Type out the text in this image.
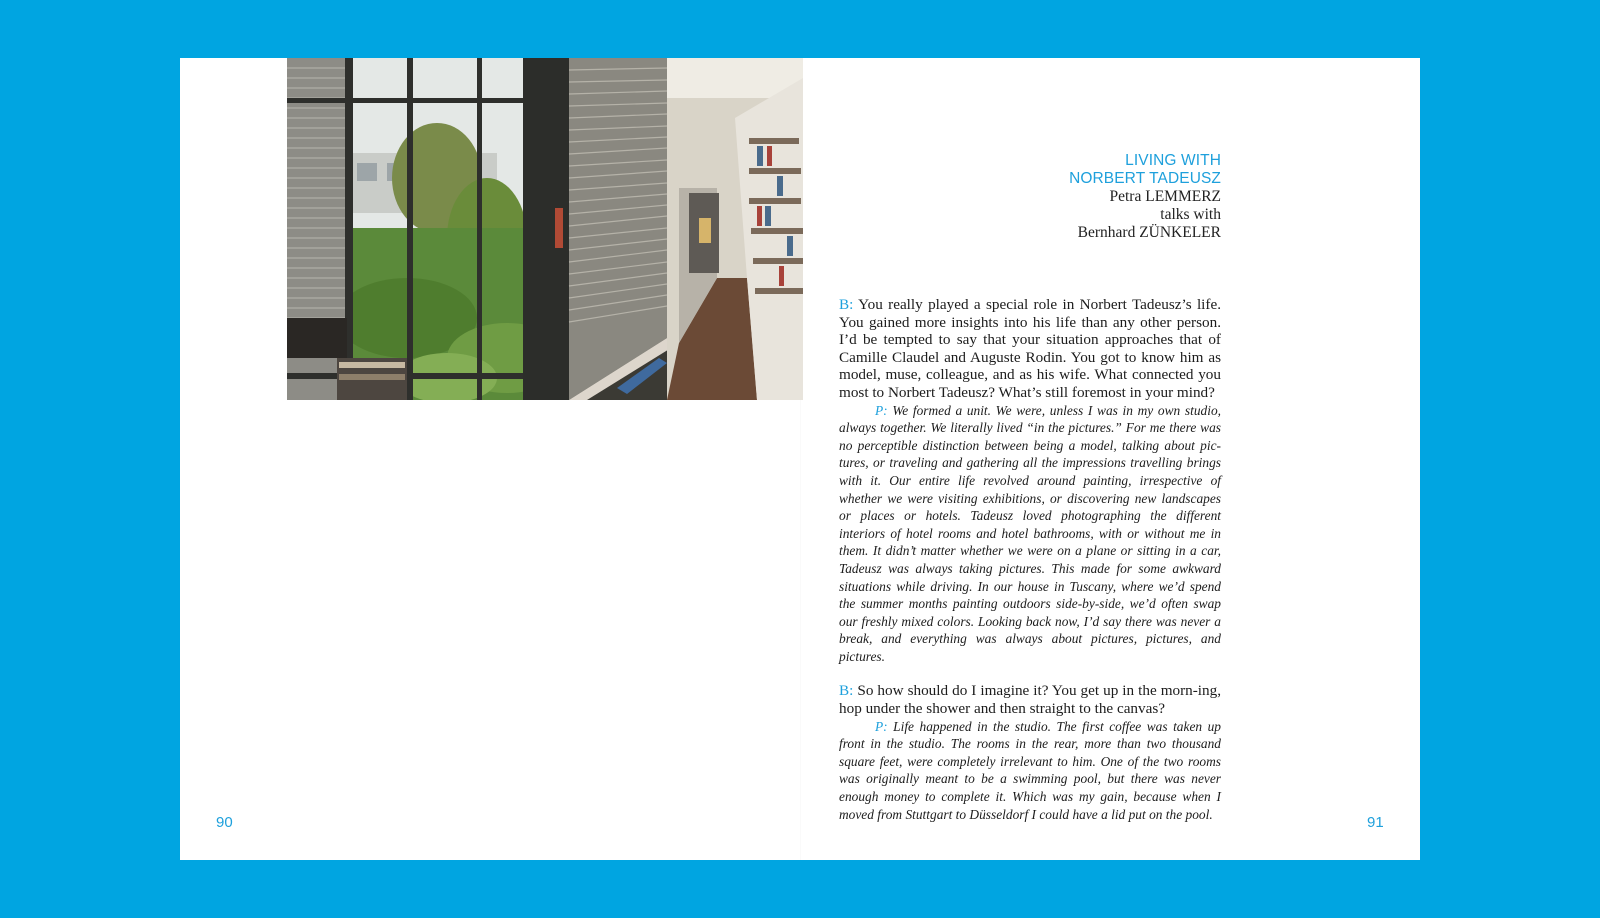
90	91
LIVING WITH
NORBERT TADEUSZ
Petra LEMMERZ
talks with
Bernhard ZÜNKELER

B: You really played a special role in Norbert Tadeusz’s life. You gained more insights into his life than any other person. I’d be tempted to say that your situation approaches that of Camille Claudel and Auguste Rodin. You got to know him as model, muse, colleague, and as his wife. What connected you most to Norbert Tadeusz? What’s still foremost in your mind?

P: We formed a unit. We were, unless I was in my own studio, always together. We literally lived “in the pictures.” For me there was no perceptible distinction between being a model, talking about pic-tures, or traveling and gathering all the impressions travelling brings with it. Our entire life revolved around painting, irrespective of whether we were visiting exhibitions, or discovering new landscapes or places or hotels. Tadeusz loved photographing the different interiors of hotel rooms and hotel bathrooms, with or without me in them. It didn’t matter whether we were on a plane or sitting in a car, Tadeusz was always taking pictures. This made for some awkward situations while driving. In our house in Tuscany, where we’d spend the summer months painting outdoors side-by-side, we’d often swap our freshly mixed colors. Looking back now, I’d say there was never a break, and everything was always about pictures, pictures, and pictures.

B: So how should do I imagine it? You get up in the morn-ing, hop under the shower and then straight to the canvas?

P: Life happened in the studio. The first coffee was taken up front in the studio. The rooms in the rear, more than two thousand square feet, were completely irrelevant to him. One of the two rooms was originally meant to be a swimming pool, but there was never enough money to complete it. Which was my gain, because when I moved from Stuttgart to Düsseldorf I could have a lid put on the pool.
